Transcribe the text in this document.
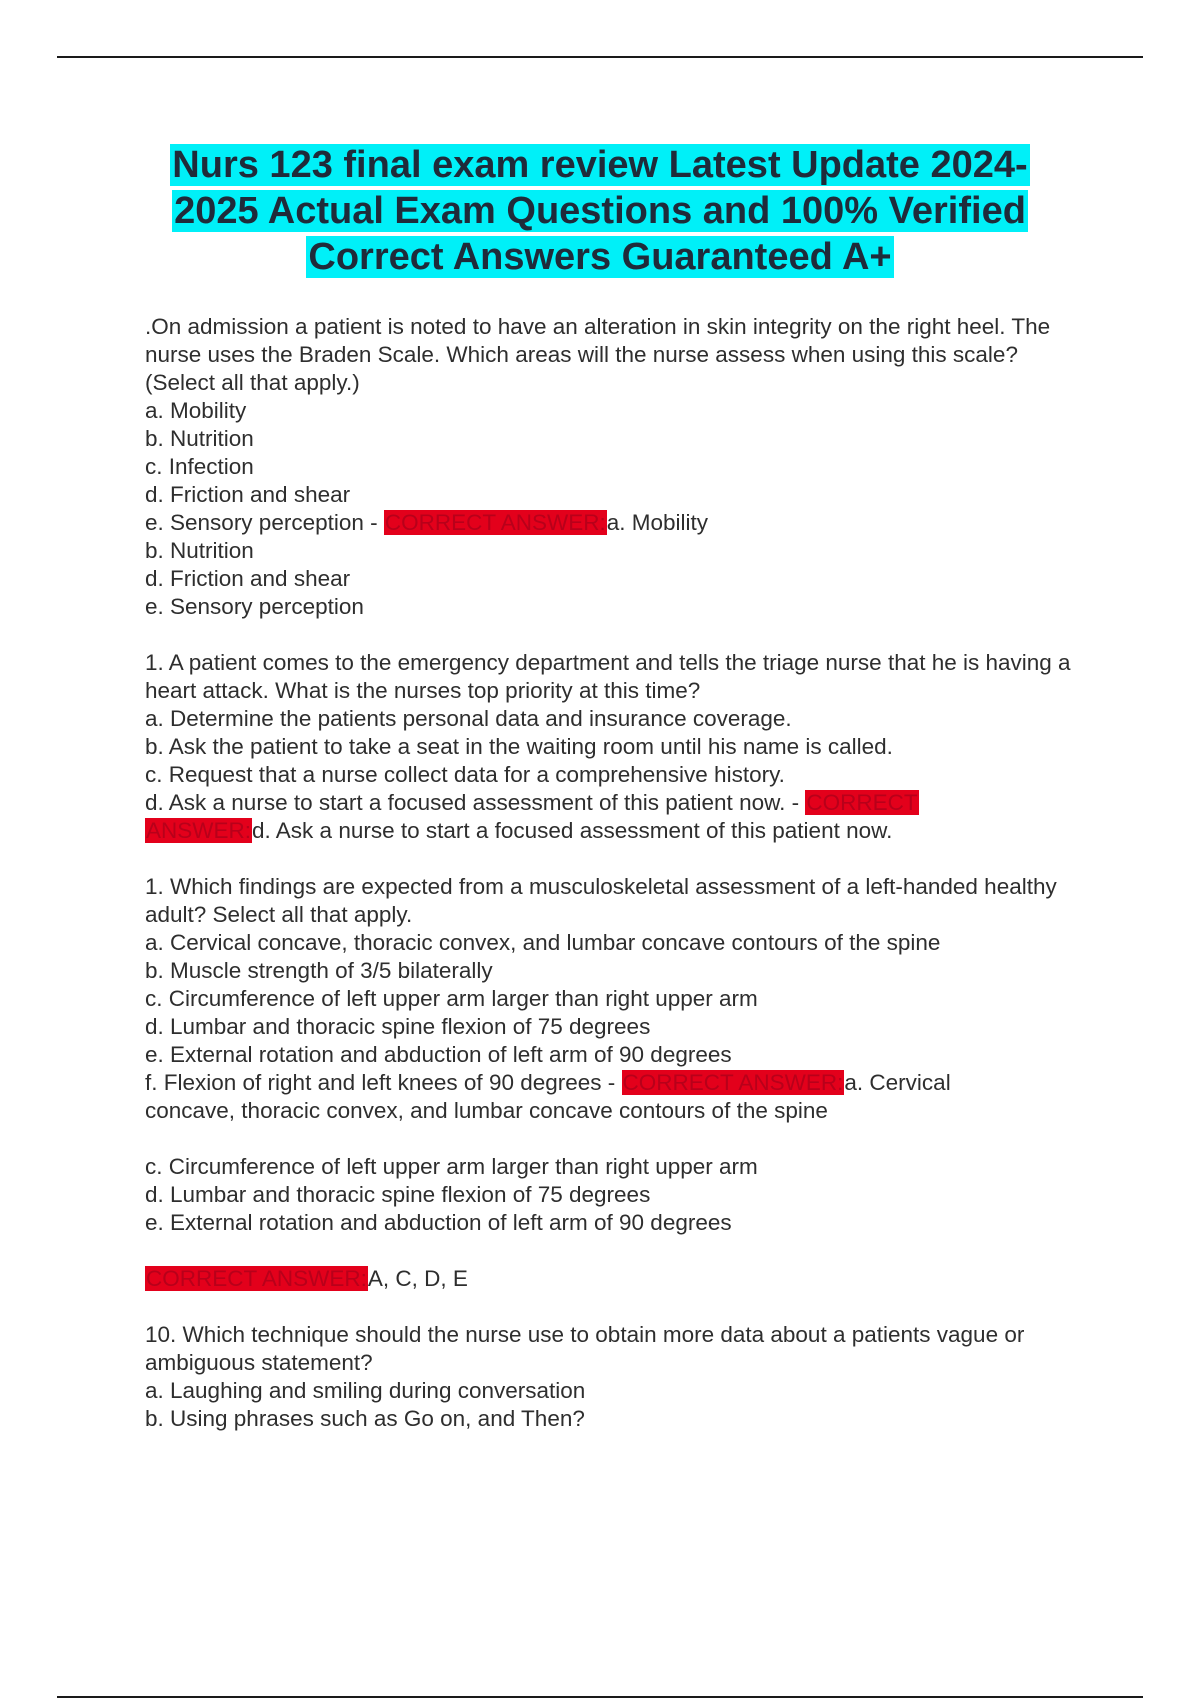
Nurs 123 final exam review Latest Update 2024-
2025 Actual Exam Questions and 100% Verified
Correct Answers Guaranteed A+
.On admission a patient is noted to have an alteration in skin integrity on the right heel. The nurse uses the Braden Scale. Which areas will the nurse assess when using this scale? (Select all that apply.)
a. Mobility
b. Nutrition
c. Infection
d. Friction and shear
e. Sensory perception - CORRECT ANSWER:a. Mobility
b. Nutrition
d. Friction and shear
e. Sensory perception
1. A patient comes to the emergency department and tells the triage nurse that he is having a heart attack. What is the nurses top priority at this time?
a. Determine the patients personal data and insurance coverage.
b. Ask the patient to take a seat in the waiting room until his name is called.
c. Request that a nurse collect data for a comprehensive history.
d. Ask a nurse to start a focused assessment of this patient now. - CORRECT
ANSWER:d. Ask a nurse to start a focused assessment of this patient now.
1. Which findings are expected from a musculoskeletal assessment of a left-handed healthy adult? Select all that apply.
a. Cervical concave, thoracic convex, and lumbar concave contours of the spine
b. Muscle strength of 3/5 bilaterally
c. Circumference of left upper arm larger than right upper arm
d. Lumbar and thoracic spine flexion of 75 degrees
e. External rotation and abduction of left arm of 90 degrees
f. Flexion of right and left knees of 90 degrees - CORRECT ANSWER:a. Cervical
concave, thoracic convex, and lumbar concave contours of the spine
c. Circumference of left upper arm larger than right upper arm
d. Lumbar and thoracic spine flexion of 75 degrees
e. External rotation and abduction of left arm of 90 degrees
CORRECT ANSWER:A, C, D, E
10. Which technique should the nurse use to obtain more data about a patients vague or ambiguous statement?
a. Laughing and smiling during conversation
b. Using phrases such as Go on, and Then?
